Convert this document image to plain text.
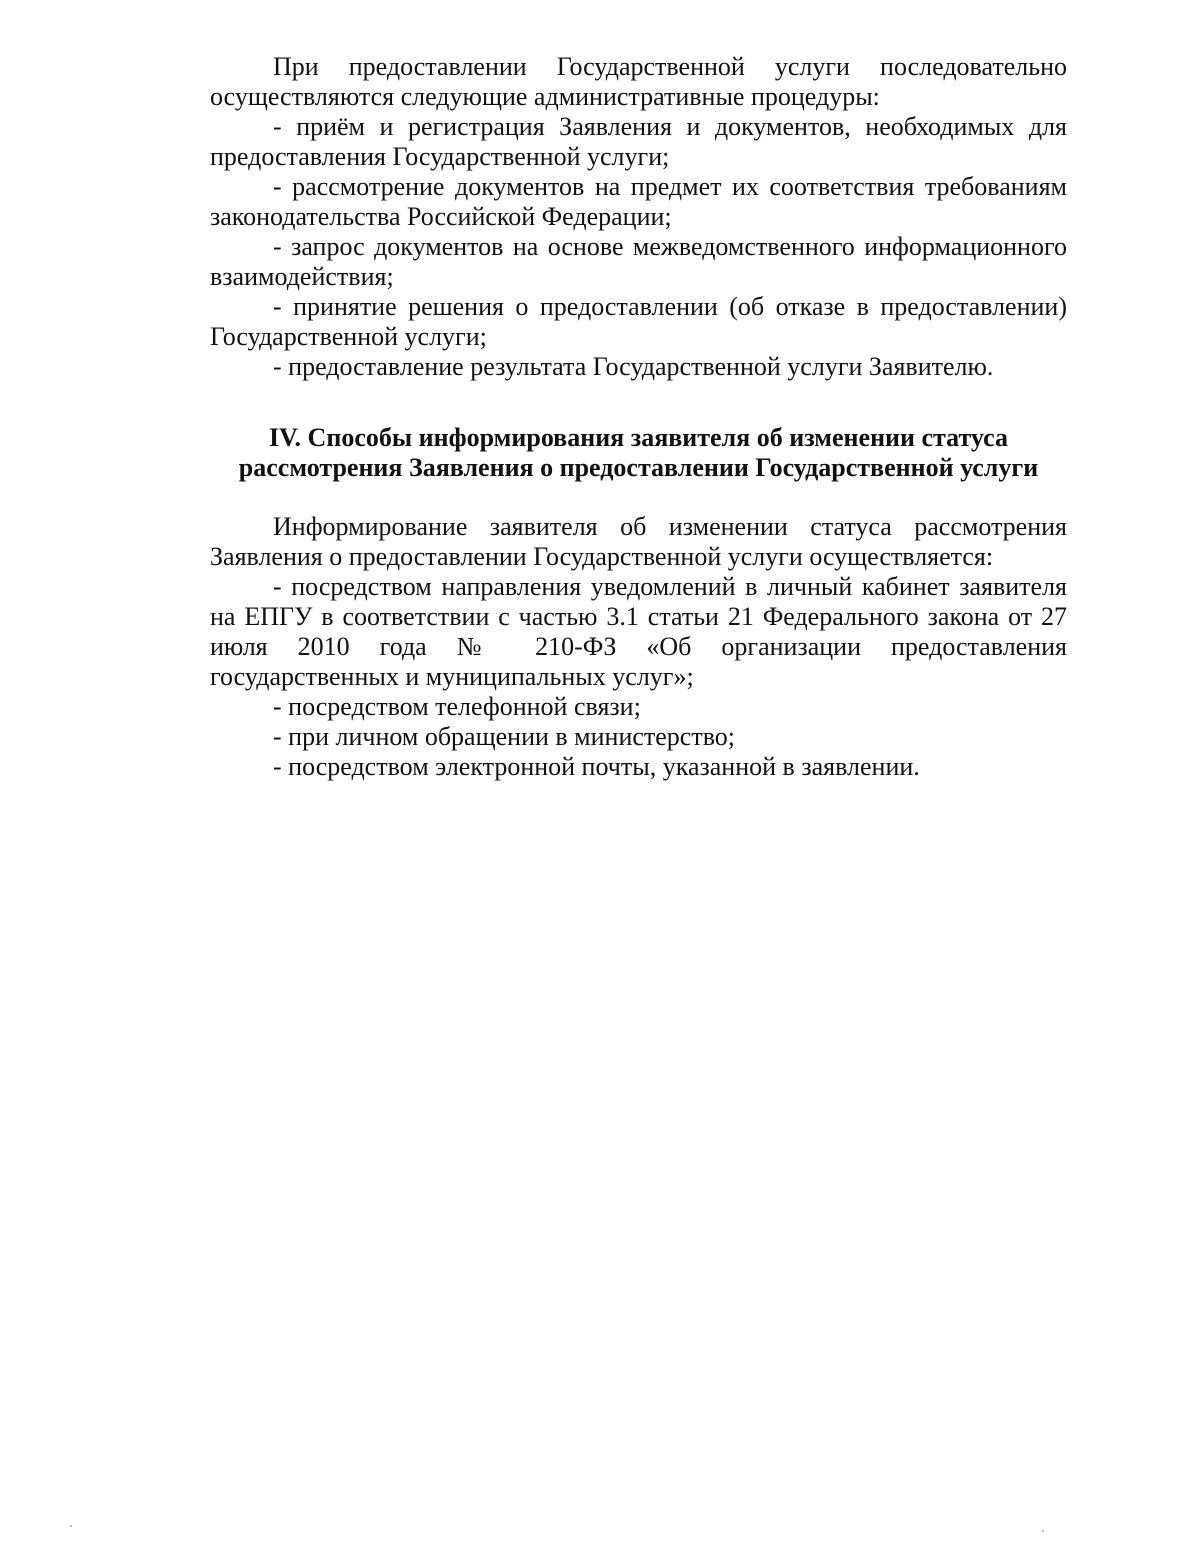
При предоставлении Государственной услуги последовательно осуществляются следующие административные процедуры:

- приём и регистрация Заявления и документов, необходимых для предоставления Государственной услуги;

- рассмотрение документов на предмет их соответствия требованиям законодательства Российской Федерации;

- запрос документов на основе межведомственного информационного взаимодействия;

- принятие решения о предоставлении (об отказе в предоставлении) Государственной услуги;

- предоставление результата Государственной услуги Заявителю.

IV. Способы информирования заявителя об изменении статуса
рассмотрения Заявления о предоставлении Государственной услуги

Информирование заявителя об изменении статуса рассмотрения Заявления о предоставлении Государственной услуги осуществляется:

- посредством направления уведомлений в личный кабинет заявителя на ЕПГУ в соответствии с частью 3.1 статьи 21 Федерального закона от 27 июля 2010 года № 210-ФЗ «Об организации предоставления государственных и муниципальных услуг»;

- посредством телефонной связи;

- при личном обращении в министерство;

- посредством электронной почты, указанной в заявлении.
